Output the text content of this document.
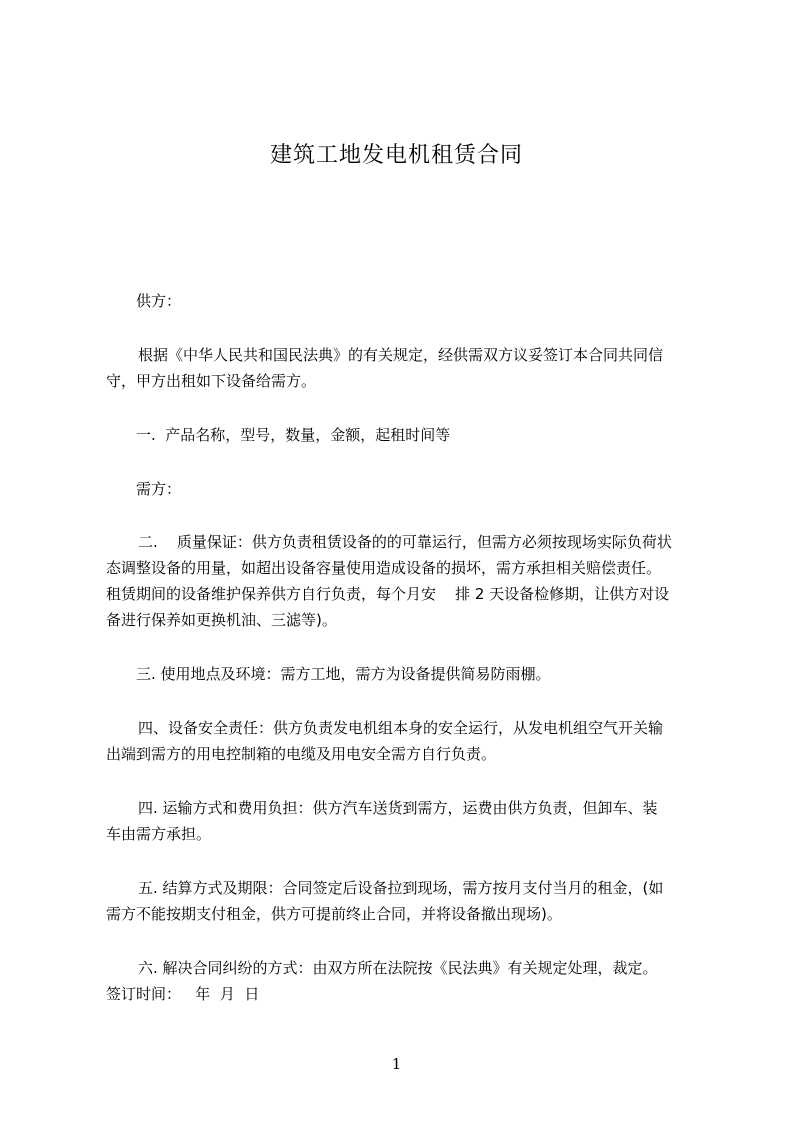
建筑工地发电机租赁合同
供方：
根据《中华人民共和国民法典》的有关规定，经供需双方议妥签订本合同共同信
守，甲方出租如下设备给需方。
一.  产品名称，型号，数量，金额，起租时间等
需方：
二.    质量保证：供方负责租赁设备的的可靠运行，但需方必须按现场实际负荷状
态调整设备的用量，如超出设备容量使用造成设备的损坏，需方承担相关赔偿责任。
租赁期间的设备维护保养供方自行负责，每个月安    排 2 天设备检修期，让供方对设
备进行保养如更换机油、三滤等)。
三. 使用地点及环境：需方工地，需方为设备提供简易防雨棚。
四、设备安全责任：供方负责发电机组本身的安全运行，从发电机组空气开关输
出端到需方的用电控制箱的电缆及用电安全需方自行负责。
四. 运输方式和费用负担：供方汽车送货到需方，运费由供方负责，但卸车、装
车由需方承担。
五. 结算方式及期限：合同签定后设备拉到现场，需方按月支付当月的租金，(如
需方不能按期支付租金，供方可提前终止合同，并将设备撤出现场)。
六. 解决合同纠纷的方式：由双方所在法院按《民法典》有关规定处理，裁定。
签订时间：   年  月  日
1
